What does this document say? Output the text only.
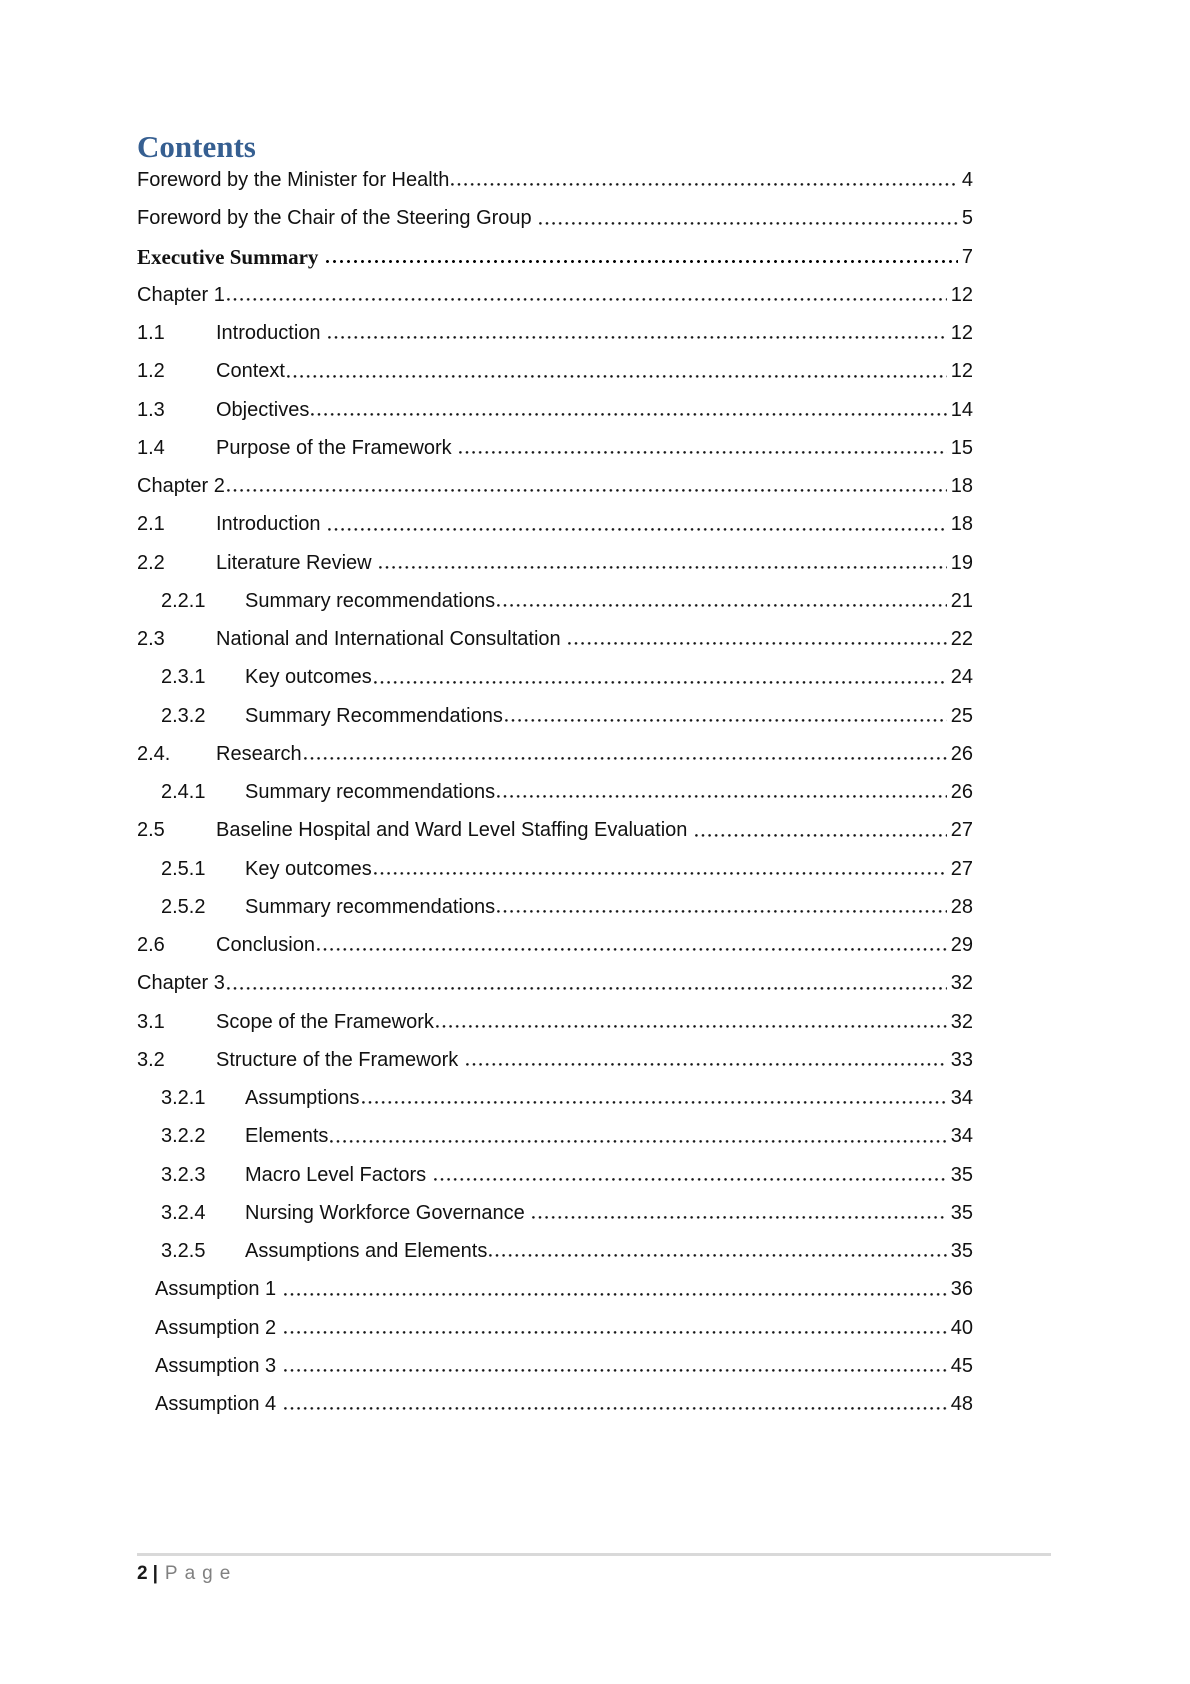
Contents
Foreword by the Minister for Health	4
Foreword by the Chair of the Steering Group	5
Executive Summary	7
Chapter 1	12
1.1	Introduction	12
1.2	Context	12
1.3	Objectives	14
1.4	Purpose of the Framework	15
Chapter 2	18
2.1	Introduction	18
2.2	Literature Review	19
2.2.1	Summary recommendations	21
2.3	National and International Consultation	22
2.3.1	Key outcomes	24
2.3.2	Summary Recommendations	25
2.4.	Research	26
2.4.1	Summary recommendations	26
2.5	Baseline Hospital and Ward Level Staffing Evaluation	27
2.5.1	Key outcomes	27
2.5.2	Summary recommendations	28
2.6	Conclusion	29
Chapter 3	32
3.1	Scope of the Framework	32
3.2	Structure of the Framework	33
3.2.1	Assumptions	34
3.2.2	Elements	34
3.2.3	Macro Level Factors	35
3.2.4	Nursing Workforce Governance	35
3.2.5	Assumptions and Elements	35
Assumption 1	36
Assumption 2	40
Assumption 3	45
Assumption 4	48
2 | Page
